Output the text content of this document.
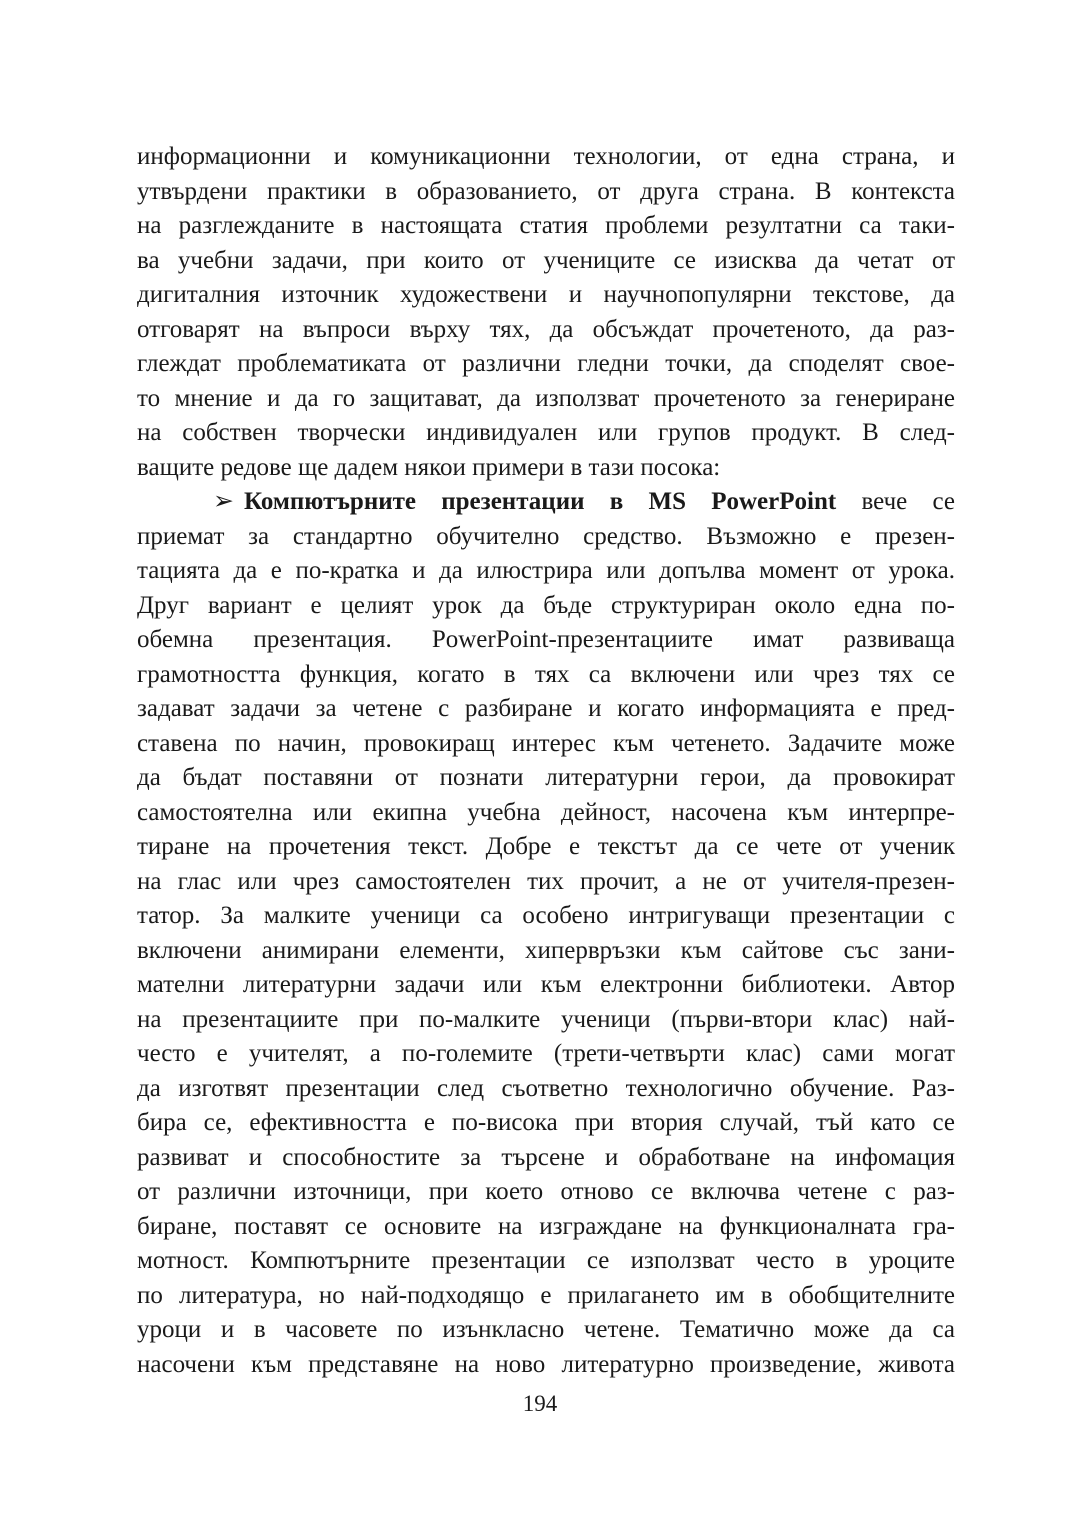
информационни и комуникационни технологии, от една страна, и
утвърдени практики в образованието, от друга страна. В контекста
на разглежданите в настоящата статия проблеми резултатни са таки-
ва учебни задачи, при които от учениците се изисква да четат от
дигиталния източник художествени и научнопопулярни текстове, да
отговарят на въпроси върху тях, да обсъждат прочетеното, да раз-
глеждат проблематиката от различни гледни точки, да споделят свое-
то мнение и да го защитават, да използват прочетеното за генериране
на собствен творчески индивидуален или групов продукт. В след-
ващите редове ще дадем някои примери в тази посока:
➢ Компютърните презентации в MS PowerPoint вече се
приемат за стандартно обучително средство. Възможно е презен-
тацията да е по-кратка и да илюстрира или допълва момент от урока.
Друг вариант е целият урок да бъде структуриран около една по-
обемна презентация. PowerPoint-презентациите имат развиваща
грамотността функция, когато в тях са включени или чрез тях се
задават задачи за четене с разбиране и когато информацията е пред-
ставена по начин, провокиращ интерес към четенето. Задачите може
да бъдат поставяни от познати литературни герои, да провокират
самостоятелна или екипна учебна дейност, насочена към интерпре-
тиране на прочетения текст. Добре е текстът да се чете от ученик
на глас или чрез самостоятелен тих прочит, а не от учителя-презен-
татор. За малките ученици са особено интригуващи презентации с
включени анимирани елементи, хипервръзки към сайтове със зани-
мателни литературни задачи или към електронни библиотеки. Автор
на презентациите при по-малките ученици (първи-втори клас) най-
често е учителят, а по-големите (трети-четвърти клас) сами могат
да изготвят презентации след съответно технологично обучение. Раз-
бира се, ефективността е по-висока при втория случай, тъй като се
развиват и способностите за търсене и обработване на инфомация
от различни източници, при което отново се включва четене с раз-
биране, поставят се основите на изграждане на функционалната гра-
мотност. Компютърните презентации се използват често в уроците
по литература, но най-подходящо е прилагането им в обобщителните
уроци и в часовете по изънкласно четене. Тематично може да са
насочени към представяне на ново литературно произведение, живота
194
